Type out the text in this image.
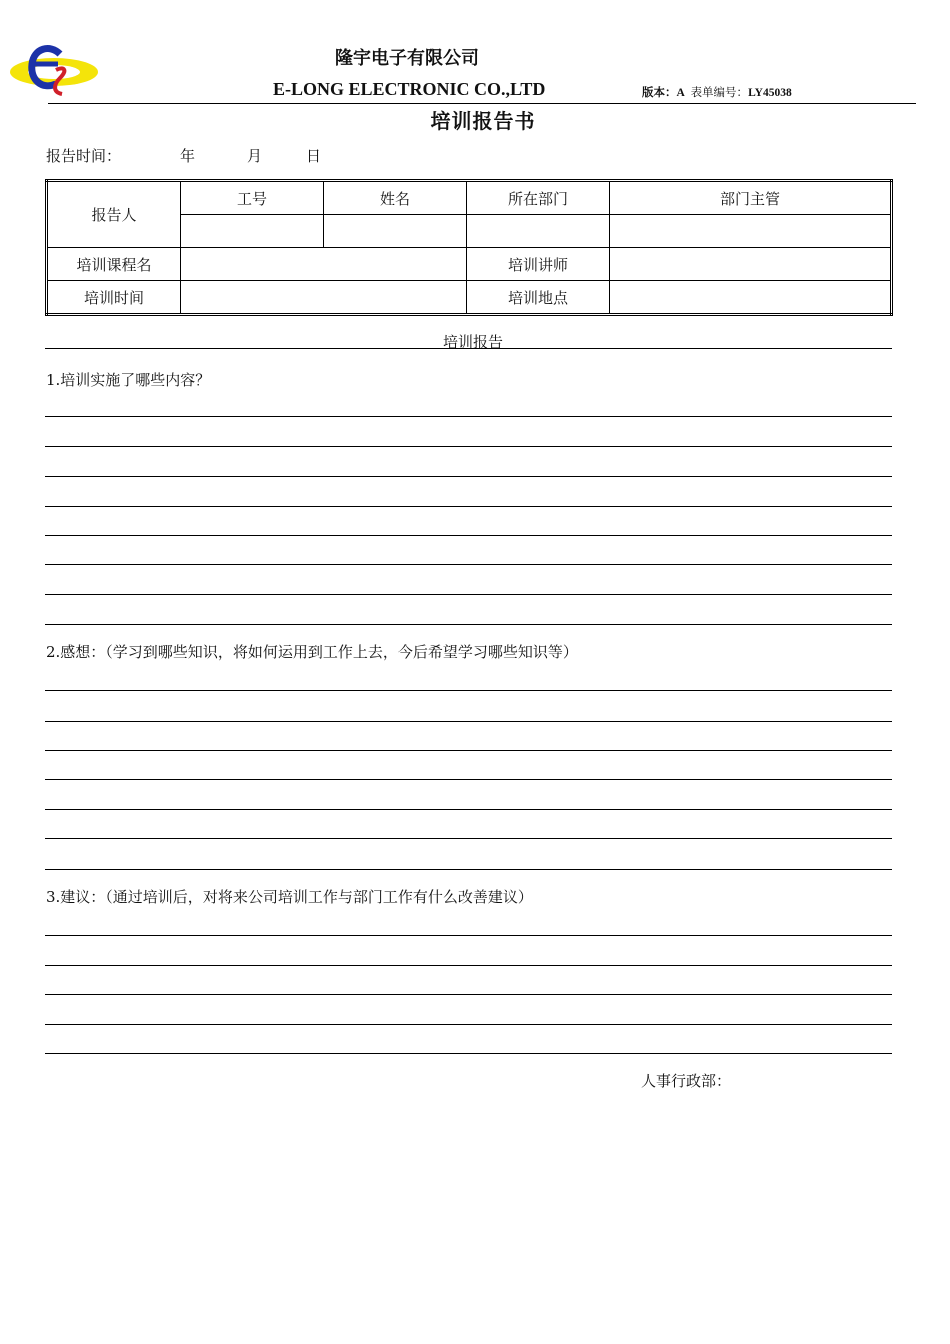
隆宇电子有限公司
E-LONG ELECTRONIC CO.,LTD	版本：A 表单编号：LY45038
培训报告书
报告时间：	年	月	日
报告人	工号	姓名	所在部门	部门主管

培训课程名			培训讲师	
培训时间			培训地点	
培训报告
1.培训实施了哪些内容？
2.感想：（学习到哪些知识，将如何运用到工作上去，今后希望学习哪些知识等）
3.建议：（通过培训后，对将来公司培训工作与部门工作有什么改善建议）
人事行政部：
